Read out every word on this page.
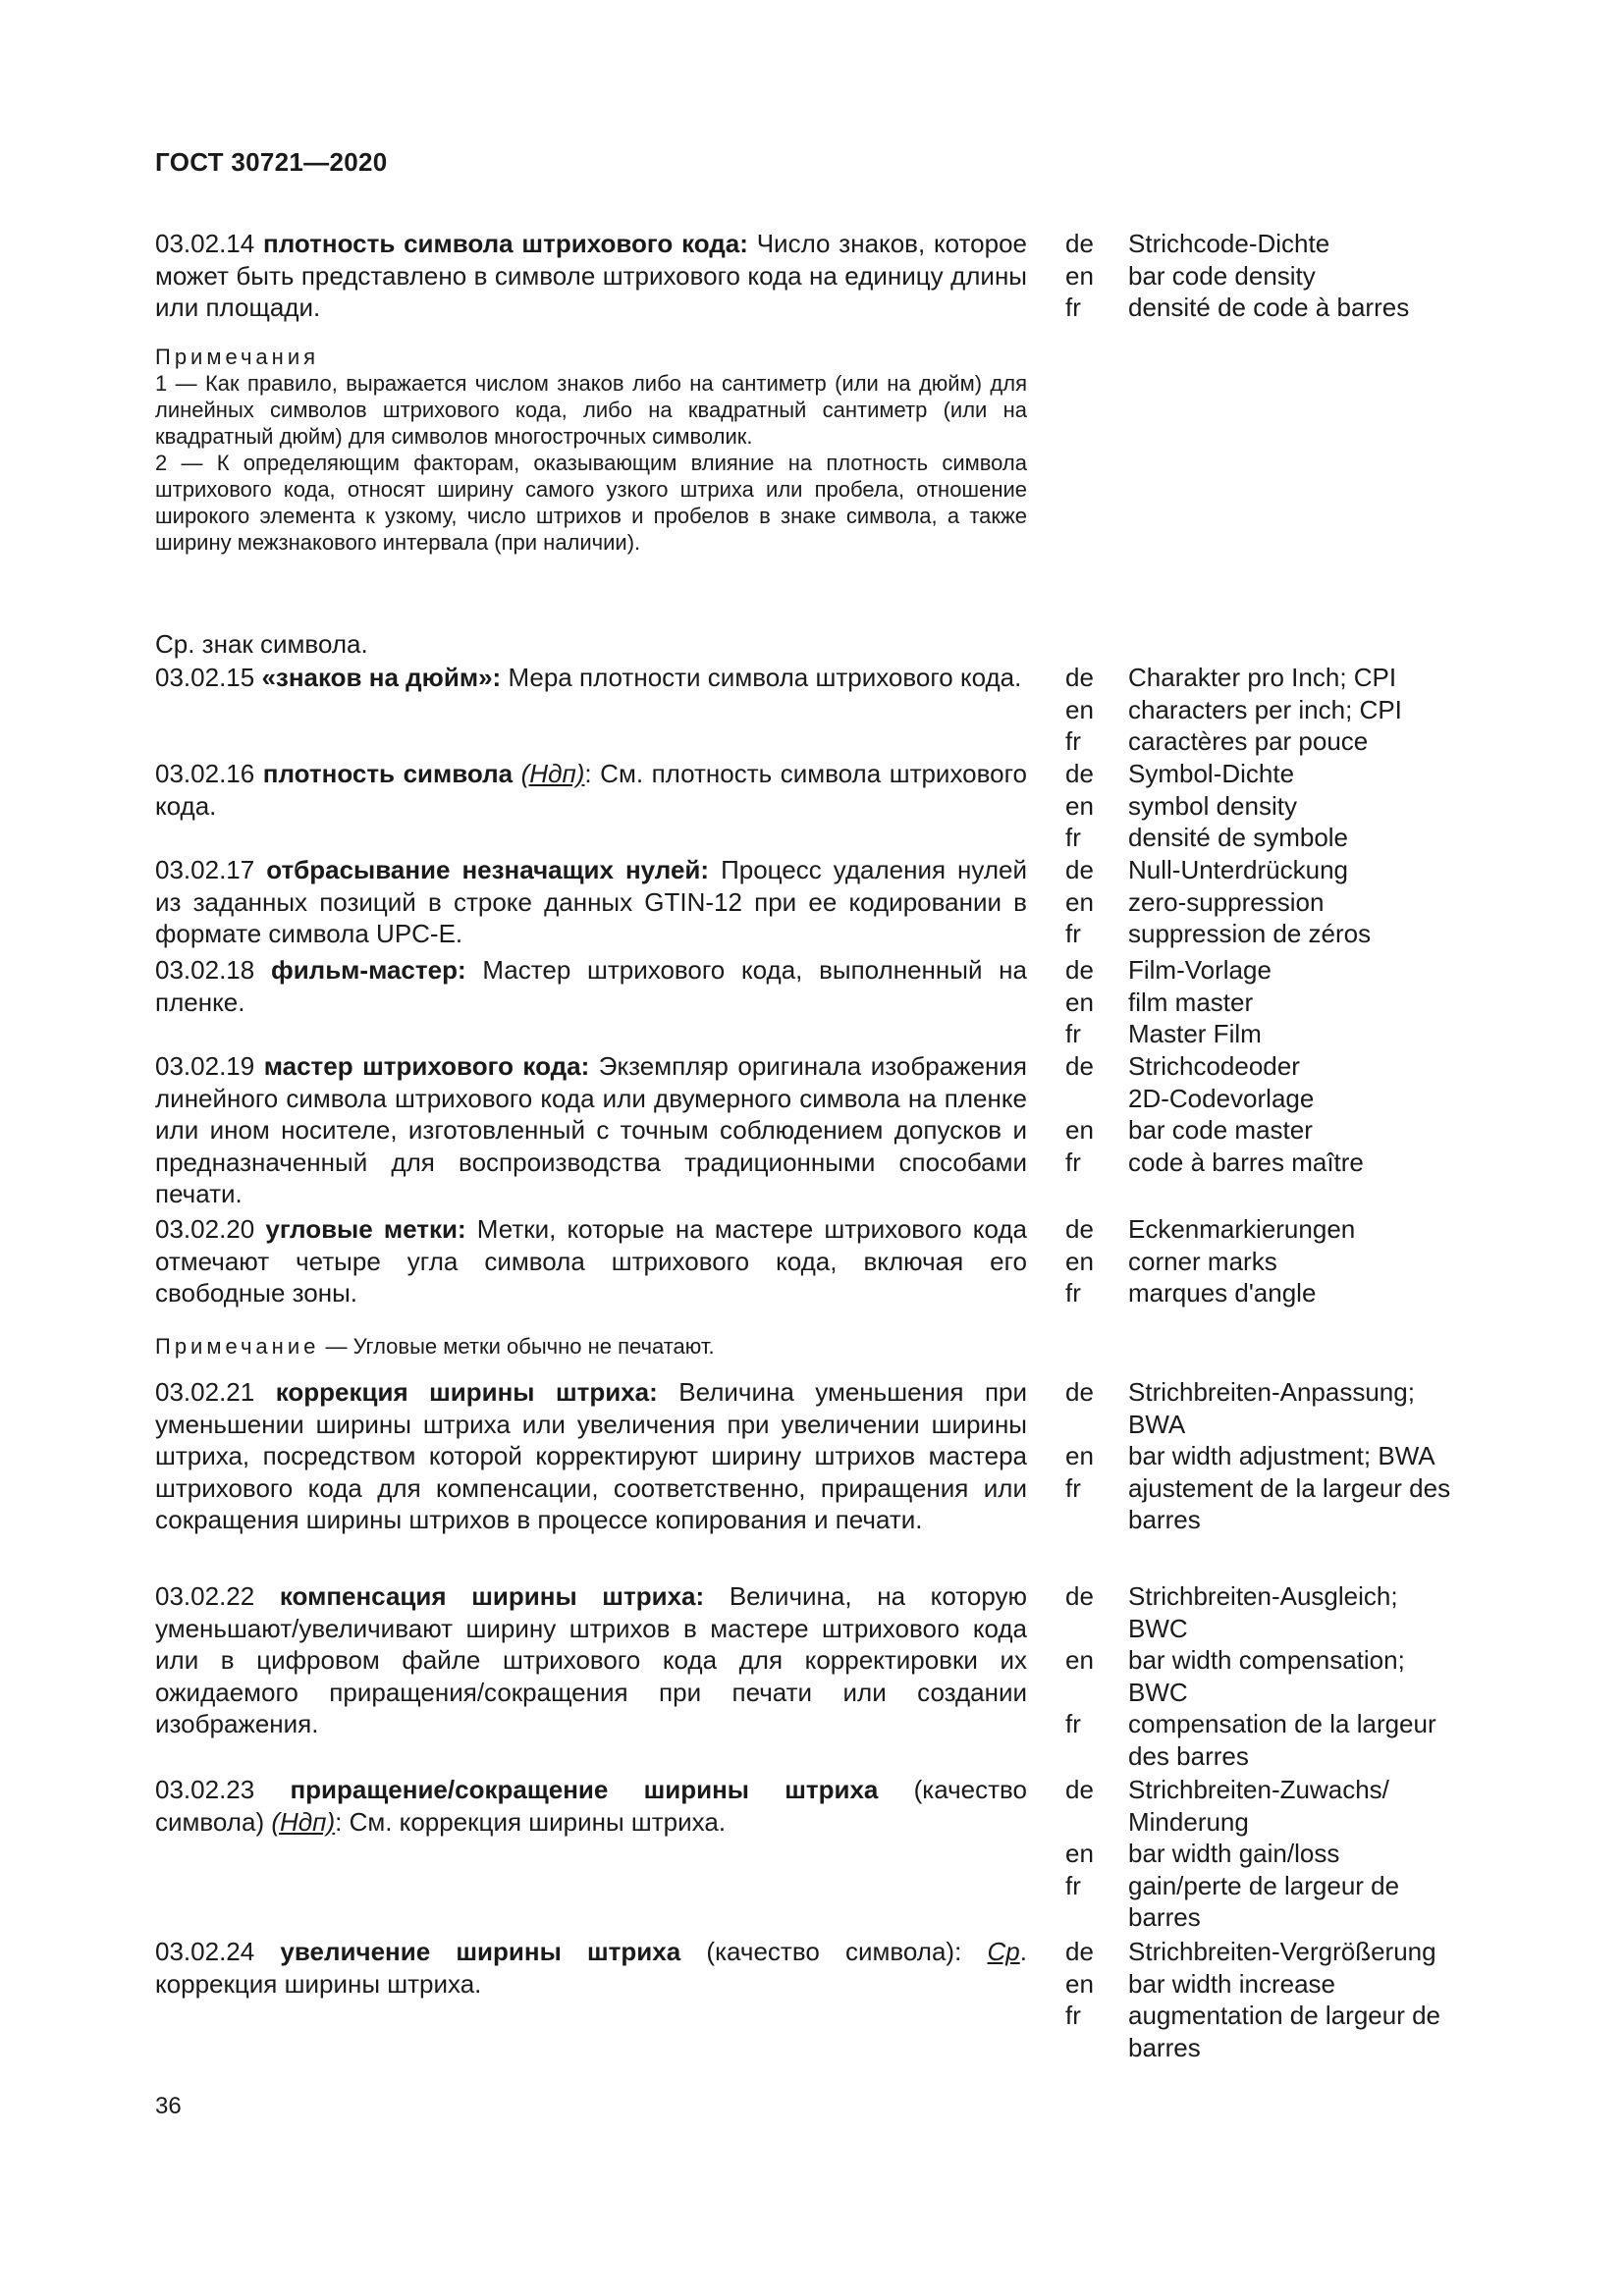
ГОСТ 30721—2020
03.02.14 плотность символа штрихового кода: Число знаков, которое может быть представлено в символе штрихового кода на единицу длины или площади.
de	Strichcode-Dichte
en	bar code density
fr	densité de code à barres
Примечания
1 — Как правило, выражается числом знаков либо на сантиметр (или на дюйм) для линейных символов штрихового кода, либо на квадратный сантиметр (или на квадратный дюйм) для символов многострочных символик.
2 — К определяющим факторам, оказывающим влияние на плотность символа штрихового кода, относят ширину самого узкого штриха или пробела, отношение широкого элемента к узкому, число штрихов и пробелов в знаке символа, а также ширину межзнакового интервала (при наличии).
Ср. знак символа.
03.02.15 «знаков на дюйм»: Мера плотности символа штрихового кода. de	Charakter pro Inch; CPI
en	characters per inch; CPI
fr	caractères par pouce
03.02.16 плотность символа (Ндп): См. плотность символа штрихового кода.
de	Symbol-Dichte
en	symbol density
fr	densité de symbole
03.02.17 отбрасывание незначащих нулей: Процесс удаления нулей из заданных позиций в строке данных GTIN-12 при ее кодировании в формате символа UPC-E.
de	Null-Unterdrückung
en	zero-suppression
fr	suppression de zéros
03.02.18 фильм-мастер: Мастер штрихового кода, выполненный на пленке.
de	Film-Vorlage
en	film master
fr	Master Film
03.02.19 мастер штрихового кода: Экземпляр оригинала изображения линейного символа штрихового кода или двумерного символа на пленке или ином носителе, изготовленный с точным соблюдением допусков и предназначенный для воспроизводства традиционными способами печати.
de	Strichcodeoder
2D-Codevorlage
en	bar code master
fr	code à barres maître
03.02.20 угловые метки: Метки, которые на мастере штрихового кода отмечают четыре угла символа штрихового кода, включая его свободные зоны.
de	Eckenmarkierungen
en	corner marks
fr	marques d'angle
Примечание — Угловые метки обычно не печатают.
03.02.21 коррекция ширины штриха: Величина уменьшения при уменьшении ширины штриха или увеличения при увеличении ширины штриха, посредством которой корректируют ширину штрихов мастера штрихового кода для компенсации, соответственно, приращения или сокращения ширины штрихов в процессе копирования и печати.
de	Strichbreiten-Anpassung;
BWA
en	bar width adjustment; BWA
fr	ajustement de la largeur des
barres
03.02.22 компенсация ширины штриха: Величина, на которую уменьшают/увеличивают ширину штрихов в мастере штрихового кода или в цифровом файле штрихового кода для корректировки их ожидаемого приращения/сокращения при печати или создании изображения.
de	Strichbreiten-Ausgleich;
BWC
en	bar width compensation;
BWC
fr	compensation de la largeur
des barres
03.02.23 приращение/сокращение ширины штриха (качество символа) (Ндп): См. коррекция ширины штриха.
de	Strichbreiten-Zuwachs/
Minderung
en	bar width gain/loss
fr	gain/perte de largeur de
barres
03.02.24 увеличение ширины штриха (качество символа): Ср. коррекция ширины штриха.
de	Strichbreiten-Vergrößerung
en	bar width increase
fr	augmentation de largeur de
barres
36
